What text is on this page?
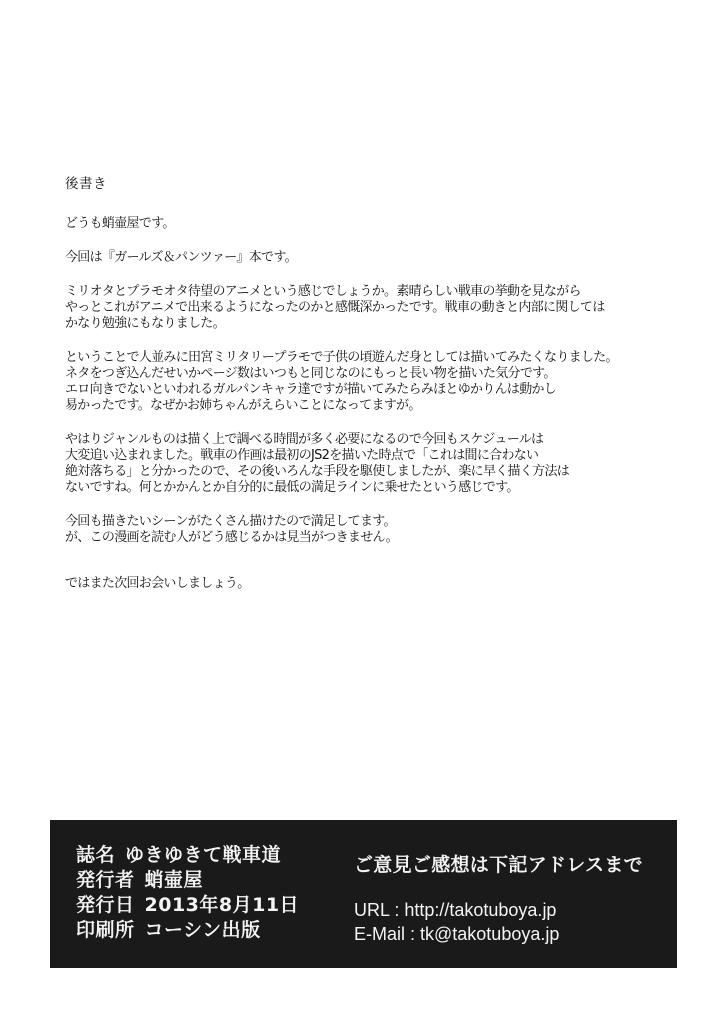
後書き
どうも蛸壷屋です。
今回は『ガールズ＆パンツァー』本です。
ミリオタとプラモオタ待望のアニメという感じでしょうか。素晴らしい戦車の挙動を見ながら
やっとこれがアニメで出来るようになったのかと感慨深かったです。戦車の動きと内部に関しては
かなり勉強にもなりました。
ということで人並みに田宮ミリタリープラモで子供の頃遊んだ身としては描いてみたくなりました。
ネタをつぎ込んだせいかページ数はいつもと同じなのにもっと長い物を描いた気分です。
エロ向きでないといわれるガルパンキャラ達ですが描いてみたらみほとゆかりんは動かし
易かったです。なぜかお姉ちゃんがえらいことになってますが。
やはりジャンルものは描く上で調べる時間が多く必要になるので今回もスケジュールは
大変追い込まれました。戦車の作画は最初のJS2を描いた時点で「これは間に合わない
絶対落ちる」と分かったので、その後いろんな手段を駆使しましたが、楽に早く描く方法は
ないですね。何とかかんとか自分的に最低の満足ラインに乗せたという感じです。
今回も描きたいシーンがたくさん描けたので満足してます。
が、この漫画を読む人がどう感じるかは見当がつきません。
ではまた次回お会いしましょう。
誌名 ゆきゆきて戦車道
発行者 蛸壷屋
発行日 2013年8月11日
印刷所 コーシン出版
ご意見ご感想は下記アドレスまで
URL : http://takotuboya.jp
E-Mail : tk@takotuboya.jp
